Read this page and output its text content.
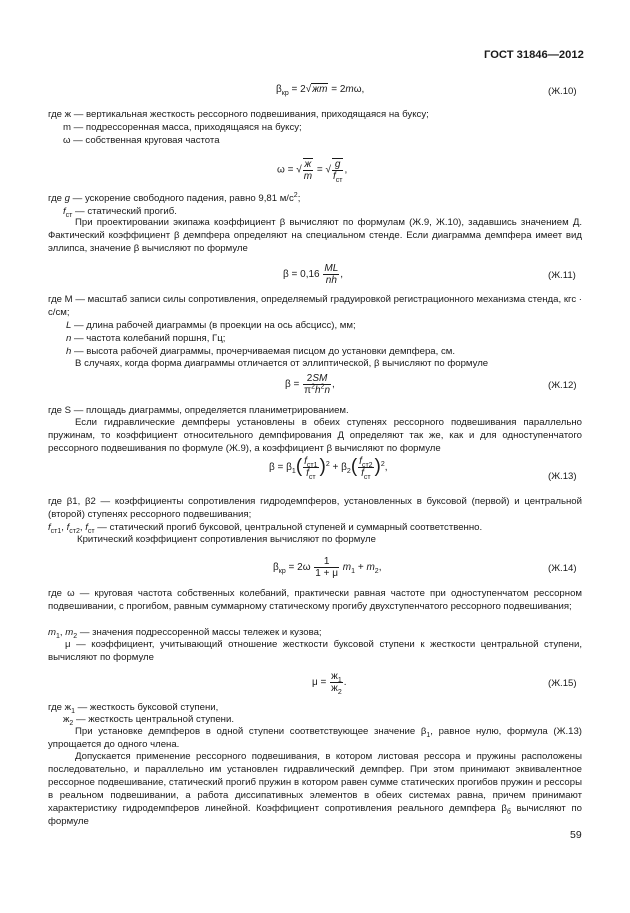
ГОСТ 31846—2012
$\beta_{кр} = 2√жm = 2m\omega$,	(Ж.10)
где ж — вертикальная жесткость рессорного подвешивания, приходящаяся на буксу;
m — подрессоренная масса, приходящаяся на буксу;
ω — собственная круговая частота
ω = √ $\frac{ж}{m}$ = √ $\frac{g}{f_{ст}}$ ,
где g — ускорение свободного падения, равно 9,81 $м/с^2$;
$f_{ст}$ — статический прогиб.
При проектировании экипажа коэффициент β вычисляют по формулам (Ж.9, Ж.10), задавшись значением Д. Фактический коэффициент β демпфера определяют на специальном стенде. Если диаграмма демпфера имеет вид эллипса, значение β вычисляют по формуле
$\beta = 0,16 \frac{ML}{nh}$ ,	(Ж.11)
где М — масштаб записи силы сопротивления, определяемый градуировкой регистрационного механизма стенда, кгс · с/см;
L — длина рабочей диаграммы (в проекции на ось абсцисс), мм;
n — частота колебаний поршня, Гц;
h — высота рабочей диаграммы, прочерчиваемая писцом до установки демпфера, см.
В случаях, когда форма диаграммы отличается от эллиптической, β вычисляют по формуле
$\beta = \frac{2SM}{\pi^2h^2n}$ ,	(Ж.12)
где S — площадь диаграммы, определяется планиметрированием.
Если гидравлические демпферы установлены в обеих ступенях рессорного подвешивания параллельно пружинам, то коэффициент относительного демпфирования Д определяют так же, как и для одноступенчатого рессорного подвешивания по формуле (Ж.9), а коэффициент β вычисляют по формуле
$\beta = \beta_1( \frac{f_{ст1}}{f_{ст}} )^2 + \beta_2( \frac{f_{ст2}}{f_{ст}} )^2$,
(Ж.13)
где β1, β2 — коэффициенты сопротивления гидродемпферов, установленных в буксовой (первой) и центральной (второй) ступенях рессорного подвешивания;
$f_{ст1}$, $f_{ст2}$, $f_{ст}$ — статический прогиб буксовой, центральной ступеней и суммарный соответственно.
Критический коэффициент сопротивления вычисляют по формуле
$\beta_{кр} = 2\omega \frac{1}{1 + \mu} m_1 + m_2$,	(Ж.14)
где ω — круговая частота собственных колебаний, практически равная частоте при одноступенчатом рессорном подвешивании, с прогибом, равным суммарному статическому прогибу двухступенчатого рессорного подвешивания;
$m_1$, $m_2$ — значения подрессоренной массы тележек и кузова;
μ — коэффициент, учитывающий отношение жесткости буксовой ступени к жесткости центральной ступени, вычисляют по формуле
$\mu = \frac{ж_1}{ж_2}$ .	(Ж.15)
где $ж_1$ — жесткость буксовой ступени,
$ж_2$ — жесткость центральной ступени.
При установке демпферов в одной ступени соответствующее значение $\beta_1$, равное нулю, формула (Ж.13) упрощается до одного члена.
Допускается применение рессорного подвешивания, в котором листовая рессора и пружины расположены последовательно, и параллельно им установлен гидравлический демпфер. При этом принимают эквивалентное рессорное подвешивание, статический прогиб пружин в котором равен сумме статических прогибов пружин и рессоры в реальном подвешивании, а работа диссипативных элементов в обеих системах равна, причем принимают характеристику гидродемпферов линейной. Коэффициент сопротивления реального демпфера $\beta_б$ вычисляют по формуле
59
